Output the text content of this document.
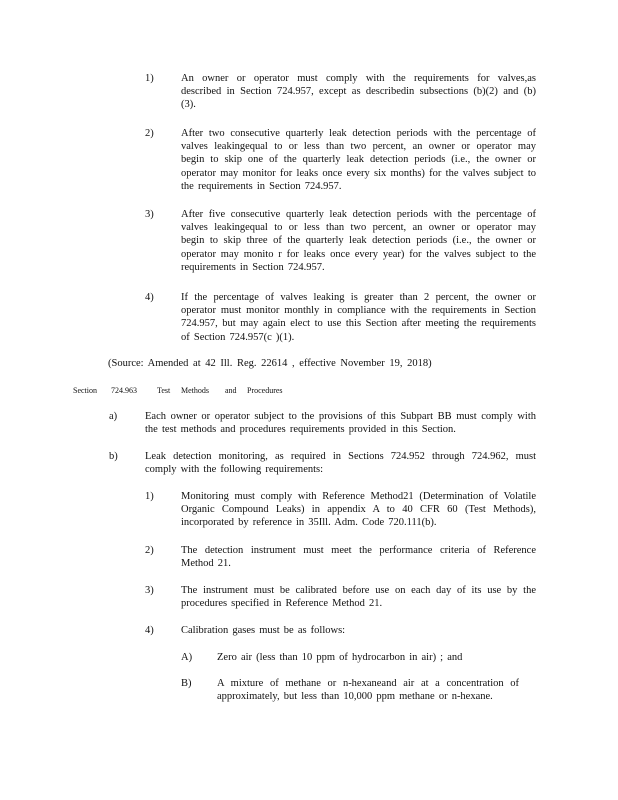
1)	An owner or operator must comply with the requirements for valves,as described in Section 724.957, except as describedin subsections (b)(2) and (b)(3).
2)	After two consecutive quarterly leak detection periods with the percentage of valves leakingequal to or less than two percent, an owner or operator may begin to skip one of the quarterly leak detection periods (i.e., the owner or operator may monitor for leaks once every six months) for the valves subject to the requirements in Section 724.957.
3)	After five consecutive quarterly leak detection periods with the percentage of valves leakingequal to or less than two percent, an owner or operator may begin to skip three of the quarterly leak detection periods (i.e., the owner or operator may monito r for leaks once every year) for the valves subject to the requirements in Section 724.957.
4)	If the percentage of valves leaking is greater than 2 percent, the owner or operator must monitor monthly in compliance with the requirements in Section 724.957, but may again elect to use this Section after meeting the requirements of Section 724.957(c )(1).
(Source: Amended at 42 Ill. Reg. 22614 , effective November 19, 2018)
Section 724.963	Test Methods and Procedures
a)	Each owner or operator subject to the provisions of this Subpart BB must comply with the test methods and procedures requirements provided in this Section.
b)	Leak detection monitoring, as required in Sections 724.952 through 724.962, must comply with the following requirements:
1)	Monitoring must comply with Reference Method21 (Determination of Volatile Organic Compound Leaks) in appendix A to 40 CFR 60 (Test Methods), incorporated by reference in 35Ill. Adm. Code 720.111(b).
2)	The detection instrument must meet the performance criteria of Reference Method 21.
3)	The instrument must be calibrated before use on each day of its use by the procedures specified in Reference Method 21.
4)	Calibration gases must be as follows:
A) Zero air (less than 10 ppm of hydrocarbon in air) ; and
B) A mixture of methane or n-hexaneand air at a concentration of approximately, but less than 10,000 ppm methane or n-hexane.
